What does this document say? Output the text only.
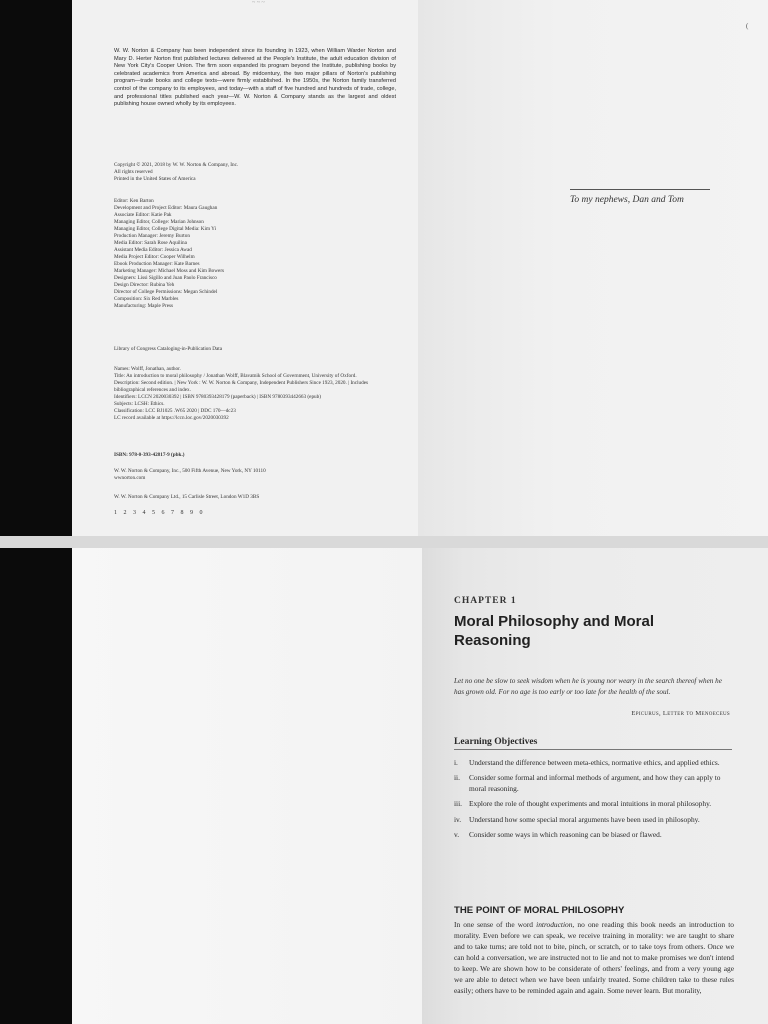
~ ~ ~
W. W. Norton & Company has been independent since its founding in 1923, when William Warder Norton and Mary D. Herter Norton first published lectures delivered at the People's Institute, the adult education division of New York City's Cooper Union. The firm soon expanded its program beyond the Institute, publishing books by celebrated academics from America and abroad. By midcentury, the two major pillars of Norton's publishing program—trade books and college texts—were firmly established. In the 1950s, the Norton family transferred control of the company to its employees, and today—with a staff of five hundred and hundreds of trade, college, and professional titles published each year—W. W. Norton & Company stands as the largest and oldest publishing house owned wholly by its employees.
Copyright © 2021, 2018 by W. W. Norton & Company, Inc.
All rights reserved
Printed in the United States of America
Editor: Ken Barton
Development and Project Editor: Maura Gaughan
Associate Editor: Katie Pak
Managing Editor, College: Marian Johnson
Managing Editor, College Digital Media: Kim Yi
Production Manager: Jeremy Burton
Media Editor: Sarah Rose Aquilina
Assistant Media Editor: Jessica Awad
Media Project Editor: Cooper Wilhelm
Ebook Production Manager: Kate Barnes
Marketing Manager: Michael Moss and Kim Bowers
Designers: Lissi Sigillo and Juan Paolo Francisco
Design Director: Rubina Yeh
Director of College Permissions: Megan Schindel
Composition: Six Red Marbles
Manufacturing: Maple Press
Library of Congress Cataloging-in-Publication Data
Names: Wolff, Jonathan, author.
Title: An introduction to moral philosophy / Jonathan Wolff, Blavatnik School of Government, University of Oxford.
Description: Second edition. | New York : W. W. Norton & Company, Independent Publishers Since 1923, 2020. | Includes bibliographical references and index.
Identifiers: LCCN 2020030392 | ISBN 9780393428179 (paperback) | ISBN 9780393442663 (epub)
Subjects: LCSH: Ethics.
Classification: LCC BJ1025 .W65 2020 | DDC 170—dc23
LC record available at https://lccn.loc.gov/2020030392
ISBN: 978-0-393-42817-9 (pbk.)
W. W. Norton & Company, Inc., 500 Fifth Avenue, New York, NY 10110
wwnorton.com
W. W. Norton & Company Ltd., 15 Carlisle Street, London W1D 3BS
1 2 3 4 5 6 7 8 9 0
(
To my nephews, Dan and Tom
CHAPTER 1
Moral Philosophy and Moral Reasoning
Let no one be slow to seek wisdom when he is young nor weary in the search thereof when he has grown old. For no age is too early or too late for the health of the soul.
Epicurus, Letter to Menoeceus
Learning Objectives
i. Understand the difference between meta-ethics, normative ethics, and applied ethics.
ii. Consider some formal and informal methods of argument, and how they can apply to moral reasoning.
iii. Explore the role of thought experiments and moral intuitions in moral philosophy.
iv. Understand how some special moral arguments have been used in philosophy.
v. Consider some ways in which reasoning can be biased or flawed.
THE POINT OF MORAL PHILOSOPHY
In one sense of the word introduction, no one reading this book needs an introduction to morality. Even before we can speak, we receive training in morality: we are taught to share and to take turns; are told not to bite, pinch, or scratch, or to take toys from others. Once we can hold a conversation, we are instructed not to lie and not to make promises we don't intend to keep. We are shown how to be considerate of others' feelings, and from a very young age we are able to detect when we have been unfairly treated. Some children take to these rules easily; others have to be reminded again and again. Some never learn. But morality,
